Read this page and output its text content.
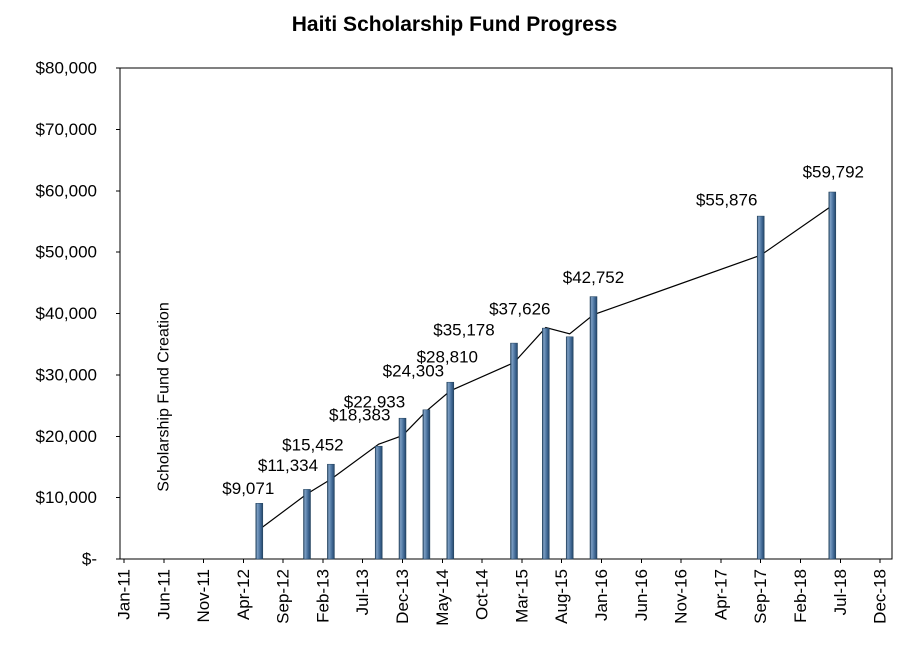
Haiti Scholarship Fund Progress
$-
$10,000
$20,000
$30,000
$40,000
$50,000
$60,000
$70,000
$80,000
Jan-11 Jun-11 Nov-11 Apr-12 Sep-12 Feb-13 Jul-13 Dec-13 May-14 Oct-14 Mar-15 Aug-15 Jan-16 Jun-16 Nov-16 Apr-17 Sep-17 Feb-18 Jul-18 Dec-18
Scholarship Fund Creation	$9,071
$11,334
$15,452
$18,383
$22,933
$24,303
$28,810
$35,178
$37,626
$42,752
$55,876
$59,792
